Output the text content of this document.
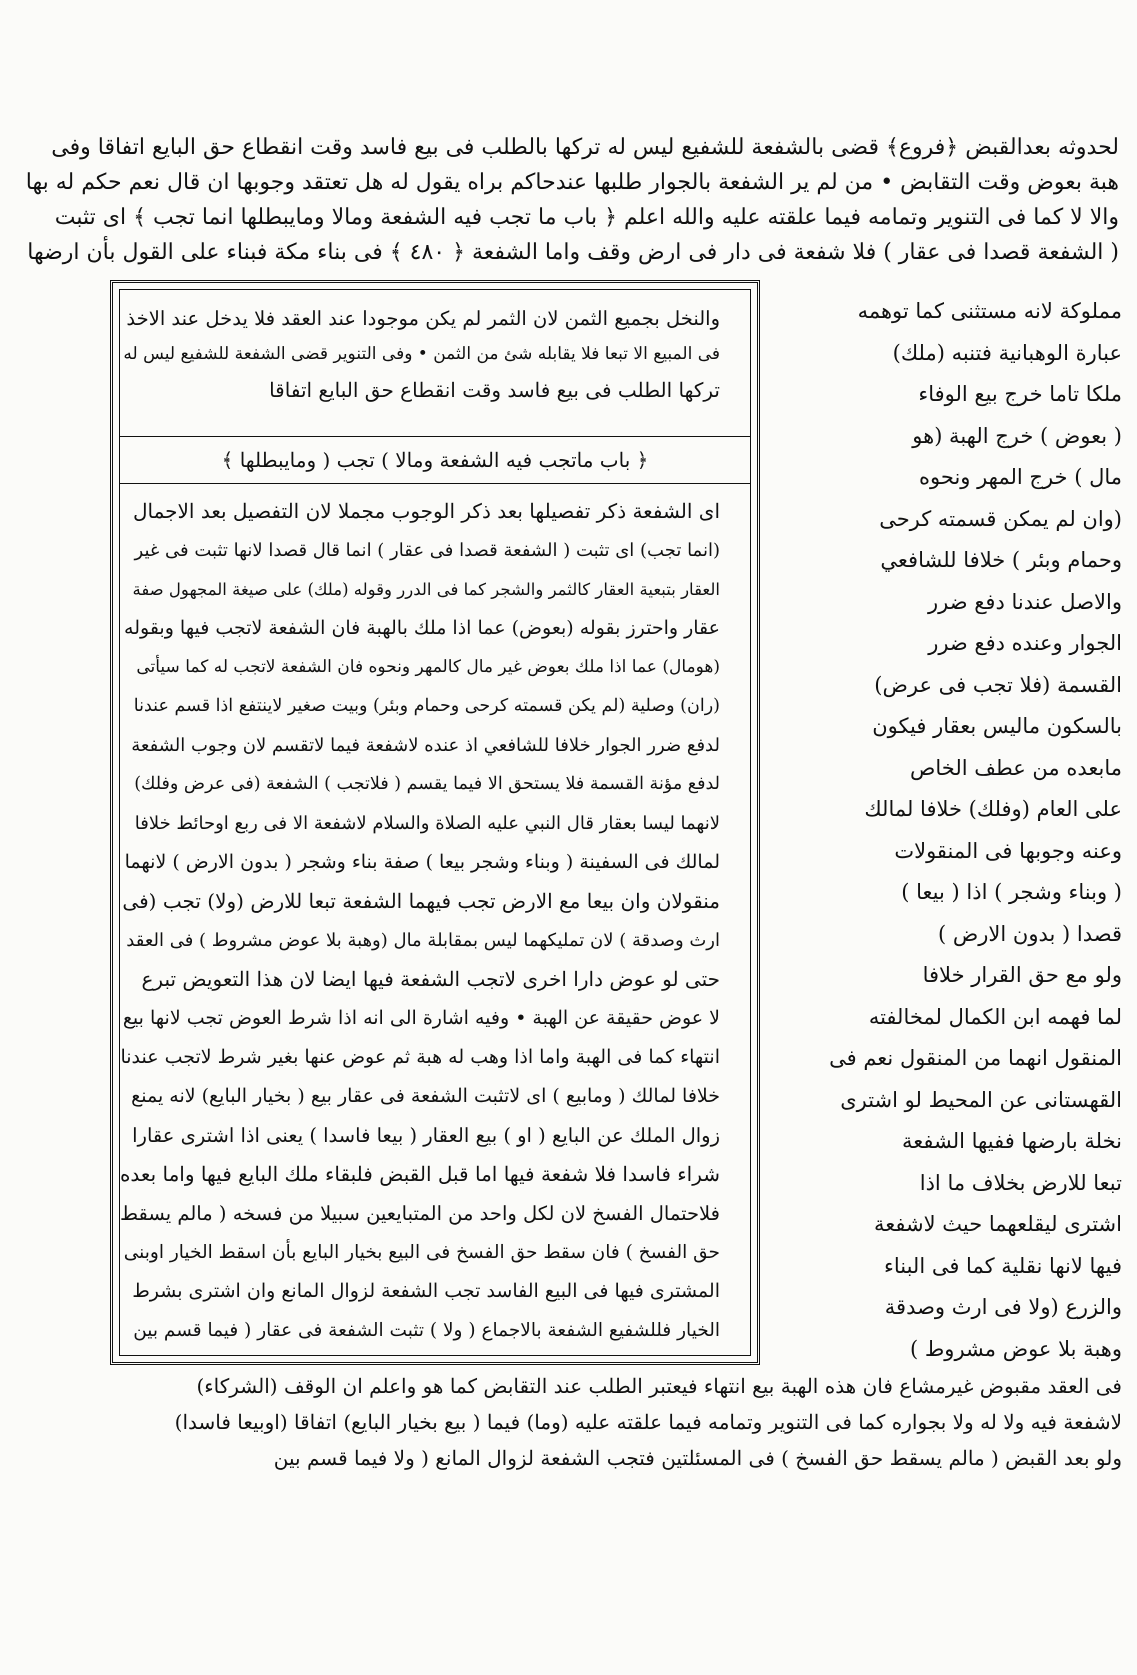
لحدوثه بعدالقبض ﴿فروع﴾ قضى بالشفعة للشفيع ليس له تركها بالطلب فى بيع فاسد وقت انقطاع حق البايع اتفاقا وفى
هبة بعوض وقت التقابض • من لم ير الشفعة بالجوار طلبها عندحاكم براه يقول له هل تعتقد وجوبها ان قال نعم حكم له بها
والا لا كما فى التنوير وتمامه فيما علقته عليه والله اعلم ﴿ باب ما تجب فيه الشفعة ومالا ومايبطلها انما تجب ﴾ اى تثبت
( الشفعة قصدا فى عقار ) فلا شفعة فى دار فى ارض وقف واما الشفعة ﴿ ٤٨٠ ﴾ فى بناء مكة فبناء على القول بأن ارضها
مملوكة لانه مستثنى كما توهمه
عبارة الوهبانية فتنبه (ملك)
ملكا تاما خرج بيع الوفاء
( بعوض ) خرج الهبة (هو
مال ) خرج المهر ونحوه
(وان لم يمكن قسمته كرحى
وحمام وبئر ) خلافا للشافعي
والاصل عندنا دفع ضرر
الجوار وعنده دفع ضرر
القسمة (فلا تجب فى عرض)
بالسكون ماليس بعقار فيكون
مابعده من عطف الخاص
على العام (وفلك) خلافا لمالك
وعنه وجوبها فى المنقولات
( وبناء وشجر ) اذا ( بيعا )
قصدا ( بدون الارض )
ولو مع حق القرار خلافا
لما فهمه ابن الكمال لمخالفته
المنقول انهما من المنقول نعم فى
القهستانى عن المحيط لو اشترى
نخلة بارضها ففيها الشفعة
تبعا للارض بخلاف ما اذا
اشترى ليقلعهما حيث لاشفعة
فيها لانها نقلية كما فى البناء
والزرع (ولا فى ارث وصدقة
وهبة بلا عوض مشروط )
والنخل بجميع الثمن لان الثمر لم يكن موجودا عند العقد فلا يدخل عند الاخذ
فى المبيع الا تبعا فلا يقابله شئ من الثمن • وفى التنوير قضى الشفعة للشفيع ليس له
تركها الطلب فى بيع فاسد وقت انقطاع حق البايع اتفاقا
﴿ باب ماتجب فيه الشفعة ومالا ) تجب ( ومايبطلها ﴾
اى الشفعة ذكر تفصيلها بعد ذكر الوجوب مجملا لان التفصيل بعد الاجمال
(انما تجب) اى تثبت ( الشفعة قصدا فى عقار ) انما قال قصدا لانها تثبت فى غير
العقار بتبعية العقار كالثمر والشجر كما فى الدرر وقوله (ملك) على صيغة المجهول صفة
عقار واحترز بقوله (بعوض) عما اذا ملك بالهبة فان الشفعة لاتجب فيها وبقوله
(هومال) عما اذا ملك بعوض غير مال كالمهر ونحوه فان الشفعة لاتجب له كما سيأتى
(ران) وصلية (لم يكن قسمته كرحى وحمام وبئر) وبيت صغير لاينتفع اذا قسم عندنا
لدفع ضرر الجوار خلافا للشافعي اذ عنده لاشفعة فيما لاتقسم لان وجوب الشفعة
لدفع مؤنة القسمة فلا يستحق الا فيما يقسم ( فلاتجب ) الشفعة (فى عرض وفلك)
لانهما ليسا بعقار قال النبي عليه الصلاة والسلام لاشفعة الا فى ربع اوحائط خلافا
لمالك فى السفينة ( وبناء وشجر بيعا ) صفة بناء وشجر ( بدون الارض ) لانهما
منقولان وان بيعا مع الارض تجب فيهما الشفعة تبعا للارض (ولا) تجب (فى
ارث وصدقة ) لان تمليكهما ليس بمقابلة مال (وهبة بلا عوض مشروط ) فى العقد
حتى لو عوض دارا اخرى لاتجب الشفعة فيها ايضا لان هذا التعويض تبرع
لا عوض حقيقة عن الهبة • وفيه اشارة الى انه اذا شرط العوض تجب لانها بيع
انتهاء كما فى الهبة واما اذا وهب له هبة ثم عوض عنها بغير شرط لاتجب عندنا
خلافا لمالك ( ومابيع ) اى لاتثبت الشفعة فى عقار بيع ( بخيار البايع) لانه يمنع
زوال الملك عن البايع ( او ) بيع العقار ( بيعا فاسدا ) يعنى اذا اشترى عقارا
شراء فاسدا فلا شفعة فيها اما قبل القبض فلبقاء ملك البايع فيها واما بعده
فلاحتمال الفسخ لان لكل واحد من المتبايعين سبيلا من فسخه ( مالم يسقط
حق الفسخ ) فان سقط حق الفسخ فى البيع بخيار البايع بأن اسقط الخيار اوبنى
المشترى فيها فى البيع الفاسد تجب الشفعة لزوال المانع وان اشترى بشرط
الخيار فللشفيع الشفعة بالاجماع ( ولا ) تثبت الشفعة فى عقار ( فيما قسم بين
فى العقد مقبوض غيرمشاع فان هذه الهبة بيع انتهاء فيعتبر الطلب عند التقابض كما هو واعلم ان الوقف (الشركاء)
لاشفعة فيه ولا له ولا بجواره كما فى التنوير وتمامه فيما علقته عليه (وما) فيما ( بيع بخيار البايع) اتفاقا (اوبيعا فاسدا)
ولو بعد القبض ( مالم يسقط حق الفسخ ) فى المسئلتين فتجب الشفعة لزوال المانع ( ولا فيما قسم بين
